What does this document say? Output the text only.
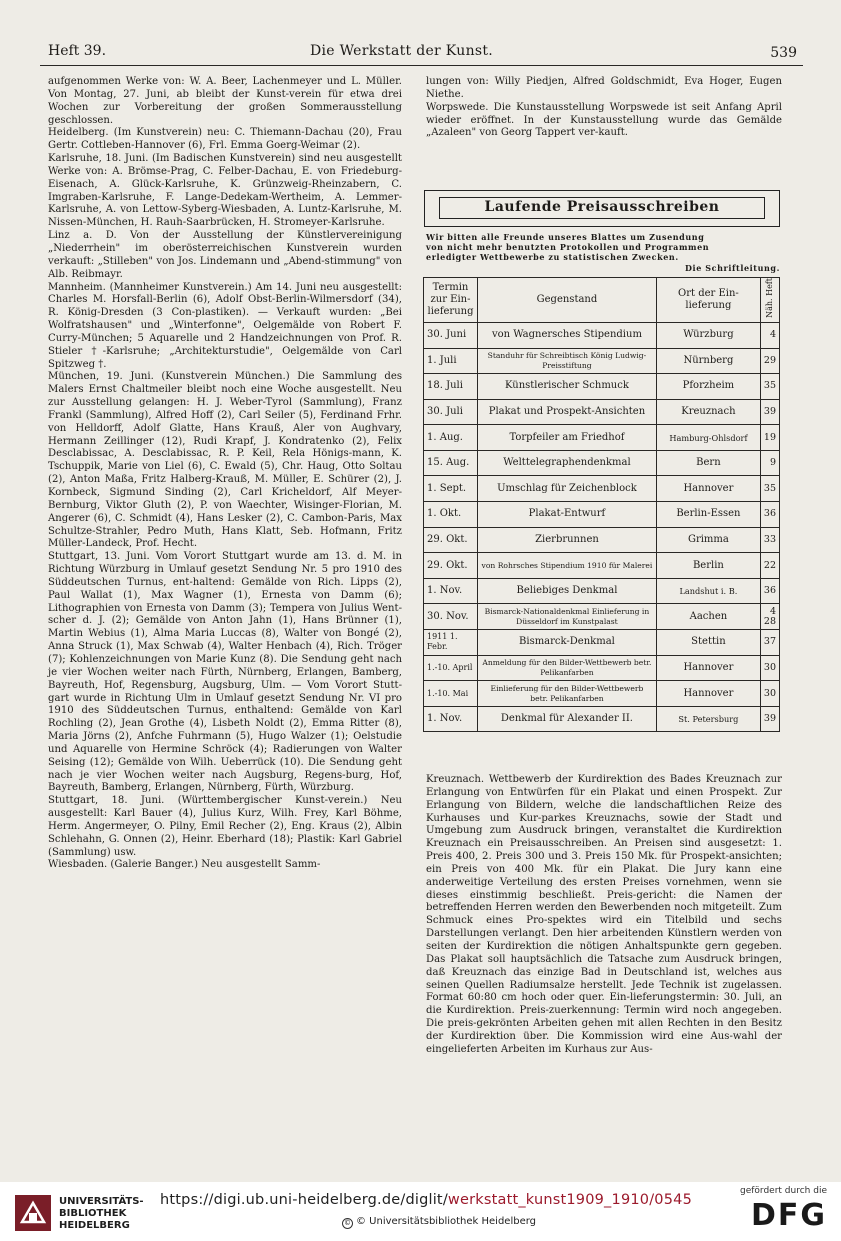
Heft 39.	Die Werkstatt der Kunst.	539

aufgenommen Werke von: W. A. Beer, Lachenmeyer und L. Müller. Von Montag, 27. Juni, ab bleibt der Kunst-verein für etwa drei Wochen zur Vorbereitung der großen Sommerausstellung geschlossen.

Heidelberg. (Im Kunstverein) neu: C. Thiemann-Dachau (20), Frau Gertr. Cottleben-Hannover (6), Frl. Emma Goerg-Weimar (2).

Karlsruhe, 18. Juni. (Im Badischen Kunstverein) sind neu ausgestellt Werke von: A. Brömse-Prag, C. Felber-Dachau, E. von Friedeburg-Eisenach, A. Glück-Karlsruhe, K. Grünzweig-Rheinzabern, C. Imgraben-Karlsruhe, F. Lange-Dedekam-Wertheim, A. Lemmer-Karlsruhe, A. von Lettow-Syberg-Wiesbaden, A. Luntz-Karlsruhe, M. Nissen-München, H. Rauh-Saarbrücken, H. Stromeyer-Karlsruhe.

Linz a. D. Von der Ausstellung der Künstlervereinigung „Niederrhein" im oberösterreichischen Kunstverein wurden verkauft: „Stilleben" von Jos. Lindemann und „Abend-stimmung" von Alb. Reibmayr.

Mannheim. (Mannheimer Kunstverein.) Am 14. Juni neu ausgestellt: Charles M. Horsfall-Berlin (6), Adolf Obst-Berlin-Wilmersdorf (34), R. König-Dresden (3 Con-plastiken). — Verkauft wurden: „Bei Wolfratshausen" und „Winterfonne", Oelgemälde von Robert F. Curry-München; 5 Aquarelle und 2 Handzeichnungen von Prof. R. Stieler †-Karlsruhe; „Architekturstudie", Oelgemälde von Carl Spitzweg †.

München, 19. Juni. (Kunstverein München.) Die Sammlung des Malers Ernst Chaltmeiler bleibt noch eine Woche ausgestellt. Neu zur Ausstellung gelangen: H. J. Weber-Tyrol (Sammlung), Franz Frankl (Sammlung), Alfred Hoff (2), Carl Seiler (5), Ferdinand Frhr. von Helldorff, Adolf Glatte, Hans Krauß, Aler von Aughvary, Hermann Zeillinger (12), Rudi Krapf, J. Kondratenko (2), Felix Desclabissac, A. Desclabissac, R. P. Keil, Rela Hönigs-mann, K. Tschuppik, Marie von Liel (6), C. Ewald (5), Chr. Haug, Otto Soltau (2), Anton Maßa, Fritz Halberg-Krauß, M. Müller, E. Schürer (2), J. Kornbeck, Sigmund Sinding (2), Carl Kricheldorf, Alf Meyer-Bernburg, Viktor Gluth (2), P. von Waechter, Wisinger-Florian, M. Angerer (6), C. Schmidt (4), Hans Lesker (2), C. Cambon-Paris, Max Schultze-Strahler, Pedro Muth, Hans Klatt, Seb. Hofmann, Fritz Müller-Landeck, Prof. Hecht.

Stuttgart, 13. Juni. Vom Vorort Stuttgart wurde am 13. d. M. in Richtung Würzburg in Umlauf gesetzt Sendung Nr. 5 pro 1910 des Süddeutschen Turnus, ent-haltend: Gemälde von Rich. Lipps (2), Paul Wallat (1), Max Wagner (1), Ernesta von Damm (6); Lithographien von Ernesta von Damm (3); Tempera von Julius Went-scher d. J. (2); Gemälde von Anton Jahn (1), Hans Brünner (1), Martin Webius (1), Alma Maria Luccas (8), Walter von Bongé (2), Anna Struck (1), Max Schwab (4), Walter Henbach (4), Rich. Tröger (7); Kohlenzeichnungen von Marie Kunz (8). Die Sendung geht nach je vier Wochen weiter nach Fürth, Nürnberg, Erlangen, Bamberg, Bayreuth, Hof, Regensburg, Augsburg, Ulm. — Vom Vorort Stutt-gart wurde in Richtung Ulm in Umlauf gesetzt Sendung Nr. VI pro 1910 des Süddeutschen Turnus, enthaltend: Gemälde von Karl Rochling (2), Jean Grothe (4), Lisbeth Noldt (2), Emma Ritter (8), Maria Jörns (2), Anfche Fuhrmann (5), Hugo Walzer (1); Oelstudie und Aquarelle von Hermine Schröck (4); Radierungen von Walter Seising (12); Gemälde von Wilh. Ueberrück (10). Die Sendung geht nach je vier Wochen weiter nach Augsburg, Regens-burg, Hof, Bayreuth, Bamberg, Erlangen, Nürnberg, Fürth, Würzburg.

Stuttgart, 18. Juni. (Württembergischer Kunst-verein.) Neu ausgestellt: Karl Bauer (4), Julius Kurz, Wilh. Frey, Karl Böhme, Herm. Angermeyer, O. Pilny, Emil Recher (2), Eng. Kraus (2), Albin Schlehahn, G. Onnen (2), Heinr. Eberhard (18); Plastik: Karl Gabriel (Sammlung) usw.

Wiesbaden. (Galerie Banger.) Neu ausgestellt Samm-

lungen von: Willy Piedjen, Alfred Goldschmidt, Eva Hoger, Eugen Niethe.

Worpswede. Die Kunstausstellung Worpswede ist seit Anfang April wieder eröffnet. In der Kunstausstellung wurde das Gemälde „Azaleen" von Georg Tappert ver-kauft.

Laufende Preisausschreiben
Wir bitten alle Freunde unseres Blattes um Zusendung
von nicht mehr benutzten Protokollen und Programmen
erledigter Wettbewerbe zu statistischen Zwecken.
Die Schriftleitung.
Termin zur Ein-lieferung	Gegenstand	Ort der Ein-lieferung	Näh. Heft
30. Juni	von Wagnersches Stipendium	Würzburg	4
1. Juli	Standuhr für Schreibtisch König Ludwig-Preisstiftung	Nürnberg	29
18. Juli	Künstlerischer Schmuck	Pforzheim	35
30. Juli	Plakat und Prospekt-Ansichten	Kreuznach	39
1. Aug.	Torpfeiler am Friedhof	Hamburg-Ohlsdorf	19
15. Aug.	Welttelegraphendenkmal	Bern	9
1. Sept.	Umschlag für Zeichenblock	Hannover	35
1. Okt.	Plakat-Entwurf	Berlin-Essen	36
29. Okt.	Zierbrunnen	Grimma	33
29. Okt.	von Rohrsches Stipendium 1910 für Malerei	Berlin	22
1. Nov.	Beliebiges Denkmal	Landshut i. B.	36
30. Nov.	Bismarck-Nationaldenkmal Einlieferung in Düsseldorf im Kunstpalast	Aachen	4 28
1911 1. Febr.	Bismarck-Denkmal	Stettin	37
1.-10. April	Anmeldung für den Bilder-Wettbewerb betr. Pelikanfarben	Hannover	30
1.-10. Mai	Einlieferung für den Bilder-Wettbewerb betr. Pelikanfarben	Hannover	30
1. Nov.	Denkmal für Alexander II.	St. Petersburg	39

Kreuznach. Wettbewerb der Kurdirektion des Bades Kreuznach zur Erlangung von Entwürfen für ein Plakat und einen Prospekt. Zur Erlangung von Bildern, welche die landschaftlichen Reize des Kurhauses und Kur-parkes Kreuznachs, sowie der Stadt und Umgebung zum Ausdruck bringen, veranstaltet die Kurdirektion Kreuznach ein Preisausschreiben. An Preisen sind ausgesetzt: 1. Preis 400, 2. Preis 300 und 3. Preis 150 Mk. für Prospekt-ansichten; ein Preis von 400 Mk. für ein Plakat. Die Jury kann eine anderweitige Verteilung des ersten Preises vornehmen, wenn sie dieses einstimmig beschließt. Preis-gericht: die Namen der betreffenden Herren werden den Bewerbenden noch mitgeteilt. Zum Schmuck eines Pro-spektes wird ein Titelbild und sechs Darstellungen verlangt. Den hier arbeitenden Künstlern werden von seiten der Kurdirektion die nötigen Anhaltspunkte gern gegeben. Das Plakat soll hauptsächlich die Tatsache zum Ausdruck bringen, daß Kreuznach das einzige Bad in Deutschland ist, welches aus seinen Quellen Radiumsalze herstellt. Jede Technik ist zugelassen. Format 60:80 cm hoch oder quer. Ein-lieferungstermin: 30. Juli, an die Kurdirektion. Preis-zuerkennung: Termin wird noch angegeben. Die preis-gekrönten Arbeiten gehen mit allen Rechten in den Besitz der Kurdirektion über. Die Kommission wird eine Aus-wahl der eingelieferten Arbeiten im Kurhaus zur Aus-

UNIVERSITÄTS-BIBLIOTHEK HEIDELBERG
https://digi.ub.uni-heidelberg.de/diglit/werkstatt_kunst1909_1910/0545
© © Universitätsbibliothek Heidelberg
gefördert durch die
DFG
